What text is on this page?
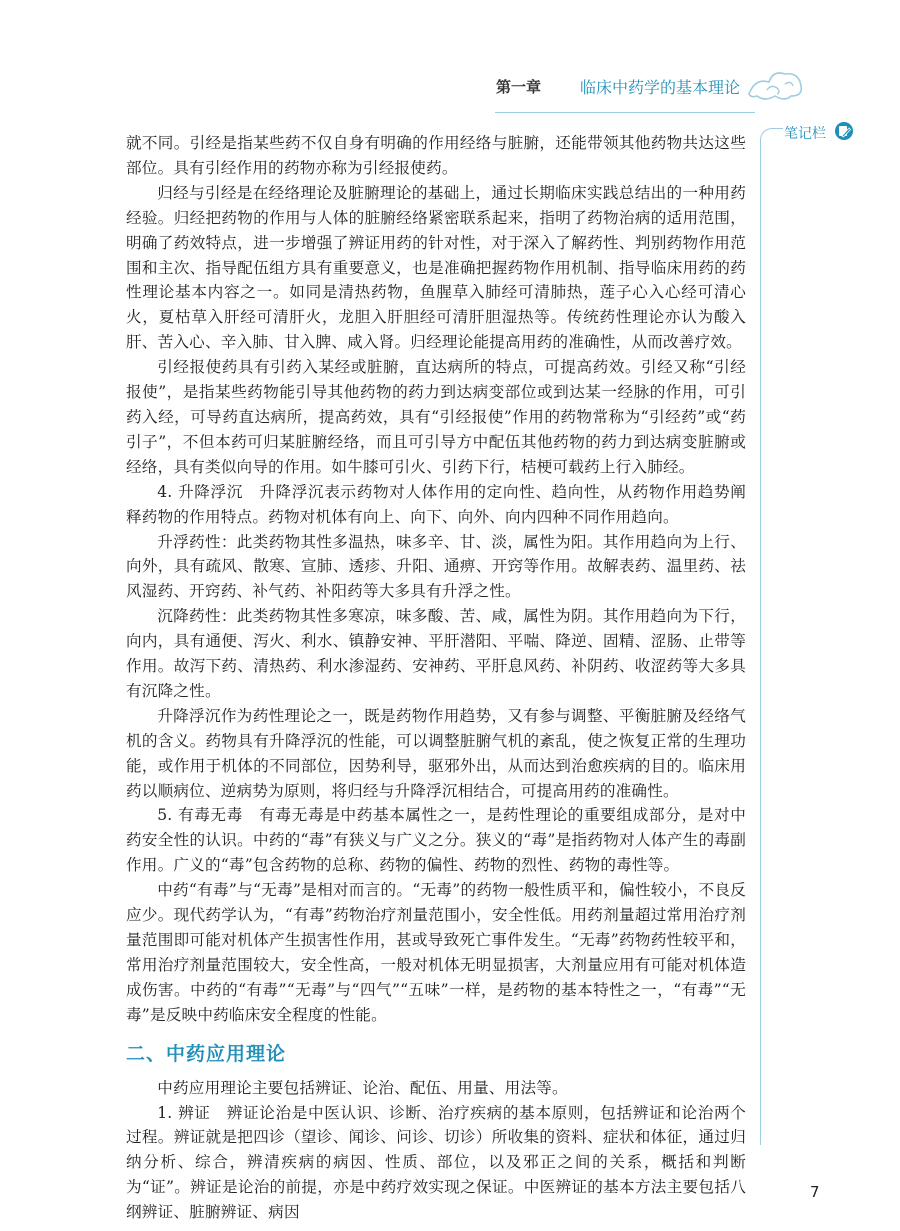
第一章 临床中药学的基本理论
笔记栏

就不同。引经是指某些药不仅自身有明确的作用经络与脏腑，还能带领其他药物共达这些部位。具有引经作用的药物亦称为引经报使药。

归经与引经是在经络理论及脏腑理论的基础上，通过长期临床实践总结出的一种用药经验。归经把药物的作用与人体的脏腑经络紧密联系起来，指明了药物治病的适用范围，明确了药效特点，进一步增强了辨证用药的针对性，对于深入了解药性、判别药物作用范围和主次、指导配伍组方具有重要意义，也是准确把握药物作用机制、指导临床用药的药性理论基本内容之一。如同是清热药物，鱼腥草入肺经可清肺热，莲子心入心经可清心火，夏枯草入肝经可清肝火，龙胆入肝胆经可清肝胆湿热等。传统药性理论亦认为酸入肝、苦入心、辛入肺、甘入脾、咸入肾。归经理论能提高用药的准确性，从而改善疗效。

引经报使药具有引药入某经或脏腑，直达病所的特点，可提高药效。引经又称“引经报使”，是指某些药物能引导其他药物的药力到达病变部位或到达某一经脉的作用，可引药入经，可导药直达病所，提高药效，具有“引经报使”作用的药物常称为“引经药”或“药引子”，不但本药可归某脏腑经络，而且可引导方中配伍其他药物的药力到达病变脏腑或经络，具有类似向导的作用。如牛膝可引火、引药下行，桔梗可载药上行入肺经。

4. 升降浮沉　升降浮沉表示药物对人体作用的定向性、趋向性，从药物作用趋势阐释药物的作用特点。药物对机体有向上、向下、向外、向内四种不同作用趋向。

升浮药性：此类药物其性多温热，味多辛、甘、淡，属性为阳。其作用趋向为上行、向外，具有疏风、散寒、宣肺、透疹、升阳、通痹、开窍等作用。故解表药、温里药、祛风湿药、开窍药、补气药、补阳药等大多具有升浮之性。

沉降药性：此类药物其性多寒凉，味多酸、苦、咸，属性为阴。其作用趋向为下行，向内，具有通便、泻火、利水、镇静安神、平肝潜阳、平喘、降逆、固精、涩肠、止带等作用。故泻下药、清热药、利水渗湿药、安神药、平肝息风药、补阴药、收涩药等大多具有沉降之性。

升降浮沉作为药性理论之一，既是药物作用趋势，又有参与调整、平衡脏腑及经络气机的含义。药物具有升降浮沉的性能，可以调整脏腑气机的紊乱，使之恢复正常的生理功能，或作用于机体的不同部位，因势利导，驱邪外出，从而达到治愈疾病的目的。临床用药以顺病位、逆病势为原则，将归经与升降浮沉相结合，可提高用药的准确性。

5. 有毒无毒　有毒无毒是中药基本属性之一，是药性理论的重要组成部分，是对中药安全性的认识。中药的“毒”有狭义与广义之分。狭义的“毒”是指药物对人体产生的毒副作用。广义的“毒”包含药物的总称、药物的偏性、药物的烈性、药物的毒性等。

中药“有毒”与“无毒”是相对而言的。“无毒”的药物一般性质平和，偏性较小，不良反应少。现代药学认为，“有毒”药物治疗剂量范围小，安全性低。用药剂量超过常用治疗剂量范围即可能对机体产生损害性作用，甚或导致死亡事件发生。“无毒”药物药性较平和，常用治疗剂量范围较大，安全性高，一般对机体无明显损害，大剂量应用有可能对机体造成伤害。中药的“有毒”“无毒”与“四气”“五味”一样，是药物的基本特性之一，“有毒”“无毒”是反映中药临床安全程度的性能。

二、中药应用理论

中药应用理论主要包括辨证、论治、配伍、用量、用法等。

1. 辨证　辨证论治是中医认识、诊断、治疗疾病的基本原则，包括辨证和论治两个过程。辨证就是把四诊（望诊、闻诊、问诊、切诊）所收集的资料、症状和体征，通过归纳分析、综合，辨清疾病的病因、性质、部位，以及邪正之间的关系，概括和判断为“证”。辨证是论治的前提，亦是中药疗效实现之保证。中医辨证的基本方法主要包括八纲辨证、脏腑辨证、病因

7
